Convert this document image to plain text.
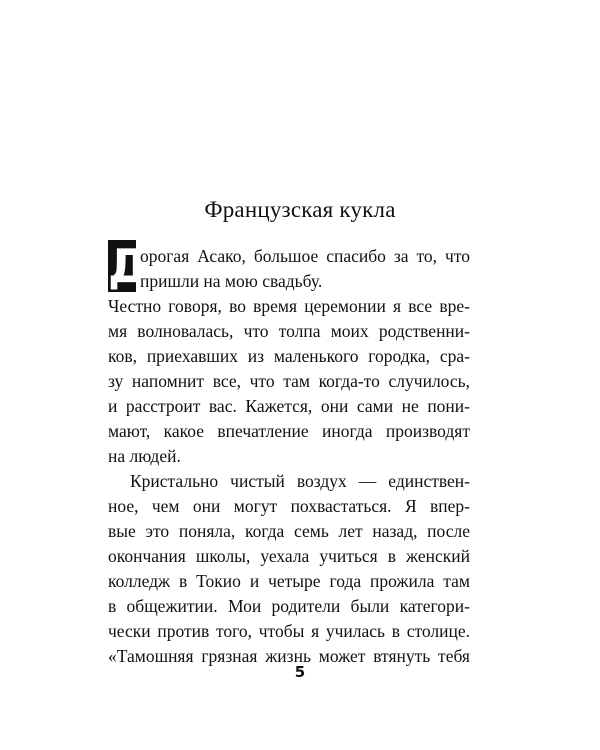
Французская кукла
Д
орогая Асако, большое спасибо за то, что
пришли на мою свадьбу.
Честно говоря, во время церемонии я все вре-
мя волновалась, что толпа моих родственни-
ков, приехавших из маленького городка, сра-
зу напомнит все, что там когда-то случилось,
и расстроит вас. Кажется, они сами не пони-
мают, какое впечатление иногда производят
на людей.
Кристально чистый воздух — единствен-
ное, чем они могут похвастаться. Я впер-
вые это поняла, когда семь лет назад, после
окончания школы, уехала учиться в женский
колледж в Токио и четыре года прожила там
в общежитии. Мои родители были категори-
чески против того, чтобы я училась в столице.
«Тамошняя грязная жизнь может втянуть тебя
5
